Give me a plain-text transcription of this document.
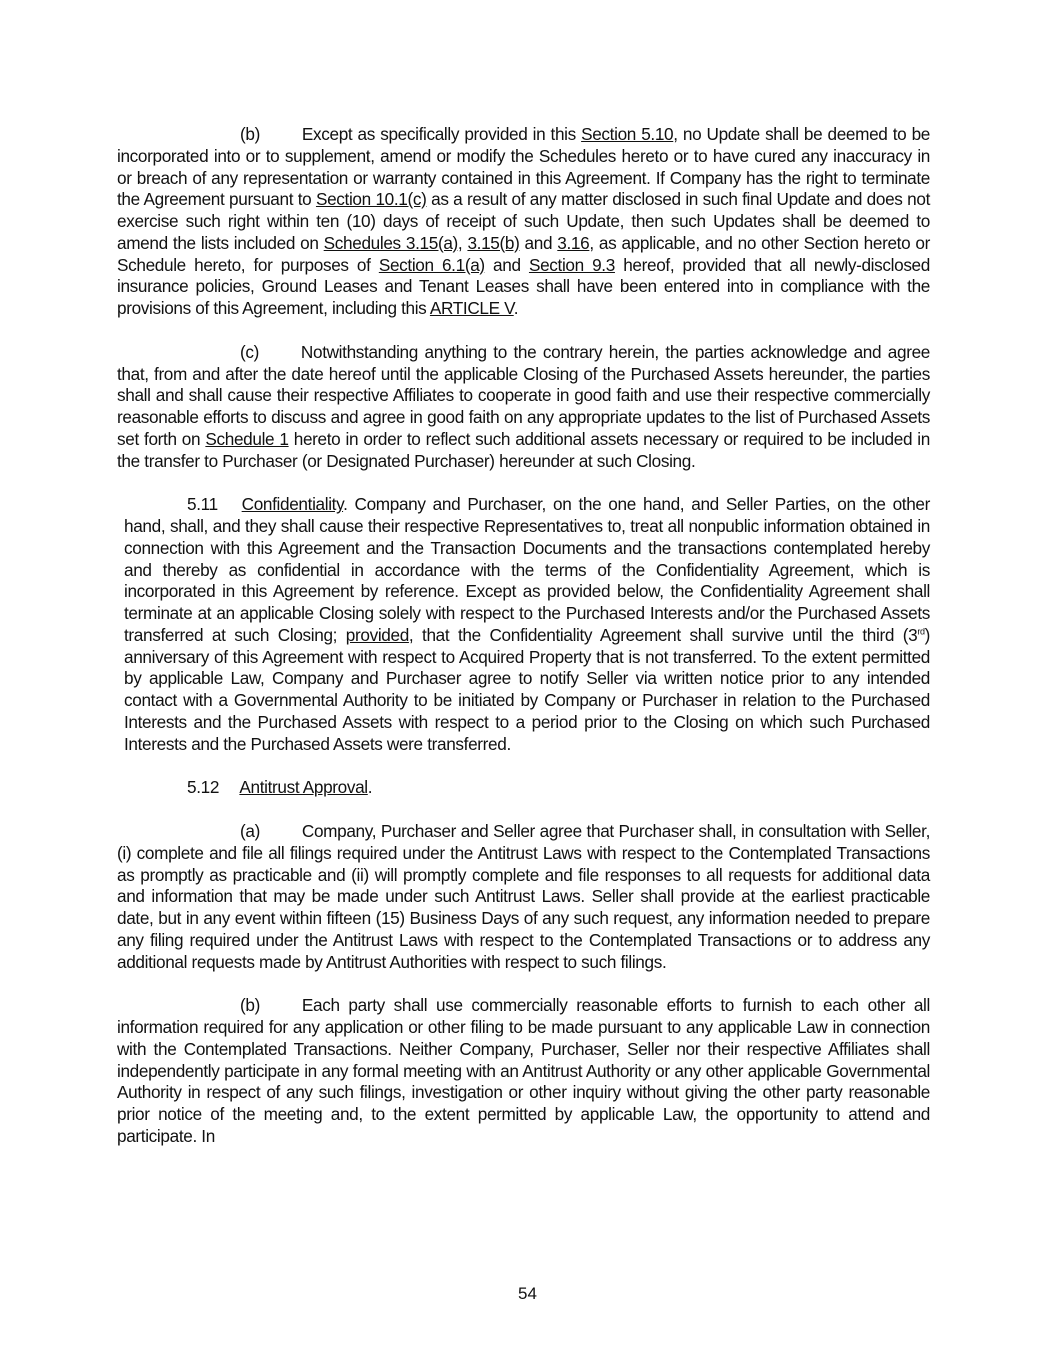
(b)   Except as specifically provided in this Section 5.10, no Update shall be deemed to be incorporated into or to supplement, amend or modify the Schedules hereto or to have cured any inaccuracy in or breach of any representation or warranty contained in this Agreement. If Company has the right to terminate the Agreement pursuant to Section 10.1(c) as a result of any matter disclosed in such final Update and does not exercise such right within ten (10) days of receipt of such Update, then such Updates shall be deemed to amend the lists included on Schedules 3.15(a), 3.15(b) and 3.16, as applicable, and no other Section hereto or Schedule hereto, for purposes of Section 6.1(a) and Section 9.3 hereof, provided that all newly-disclosed insurance policies, Ground Leases and Tenant Leases shall have been entered into in compliance with the provisions of this Agreement, including this ARTICLE V.

(c)   Notwithstanding anything to the contrary herein, the parties acknowledge and agree that, from and after the date hereof until the applicable Closing of the Purchased Assets hereunder, the parties shall and shall cause their respective Affiliates to cooperate in good faith and use their respective commercially reasonable efforts to discuss and agree in good faith on any appropriate updates to the list of Purchased Assets set forth on Schedule 1 hereto in order to reflect such additional assets necessary or required to be included in the transfer to Purchaser (or Designated Purchaser) hereunder at such Closing.

5.11  Confidentiality. Company and Purchaser, on the one hand, and Seller Parties, on the other hand, shall, and they shall cause their respective Representatives to, treat all nonpublic information obtained in connection with this Agreement and the Transaction Documents and the transactions contemplated hereby and thereby as confidential in accordance with the terms of the Confidentiality Agreement, which is incorporated in this Agreement by reference. Except as provided below, the Confidentiality Agreement shall terminate at an applicable Closing solely with respect to the Purchased Interests and/or the Purchased Assets transferred at such Closing; provided, that the Confidentiality Agreement shall survive until the third (3rd) anniversary of this Agreement with respect to Acquired Property that is not transferred. To the extent permitted by applicable Law, Company and Purchaser agree to notify Seller via written notice prior to any intended contact with a Governmental Authority to be initiated by Company or Purchaser in relation to the Purchased Interests and the Purchased Assets with respect to a period prior to the Closing on which such Purchased Interests and the Purchased Assets were transferred.

5.12  Antitrust Approval.

(a)   Company, Purchaser and Seller agree that Purchaser shall, in consultation with Seller, (i) complete and file all filings required under the Antitrust Laws with respect to the Contemplated Transactions as promptly as practicable and (ii) will promptly complete and file responses to all requests for additional data and information that may be made under such Antitrust Laws. Seller shall provide at the earliest practicable date, but in any event within fifteen (15) Business Days of any such request, any information needed to prepare any filing required under the Antitrust Laws with respect to the Contemplated Transactions or to address any additional requests made by Antitrust Authorities with respect to such filings.

(b)   Each party shall use commercially reasonable efforts to furnish to each other all information required for any application or other filing to be made pursuant to any applicable Law in connection with the Contemplated Transactions. Neither Company, Purchaser, Seller nor their respective Affiliates shall independently participate in any formal meeting with an Antitrust Authority or any other applicable Governmental Authority in respect of any such filings, investigation or other inquiry without giving the other party reasonable prior notice of the meeting and, to the extent permitted by applicable Law, the opportunity to attend and participate. In

54
